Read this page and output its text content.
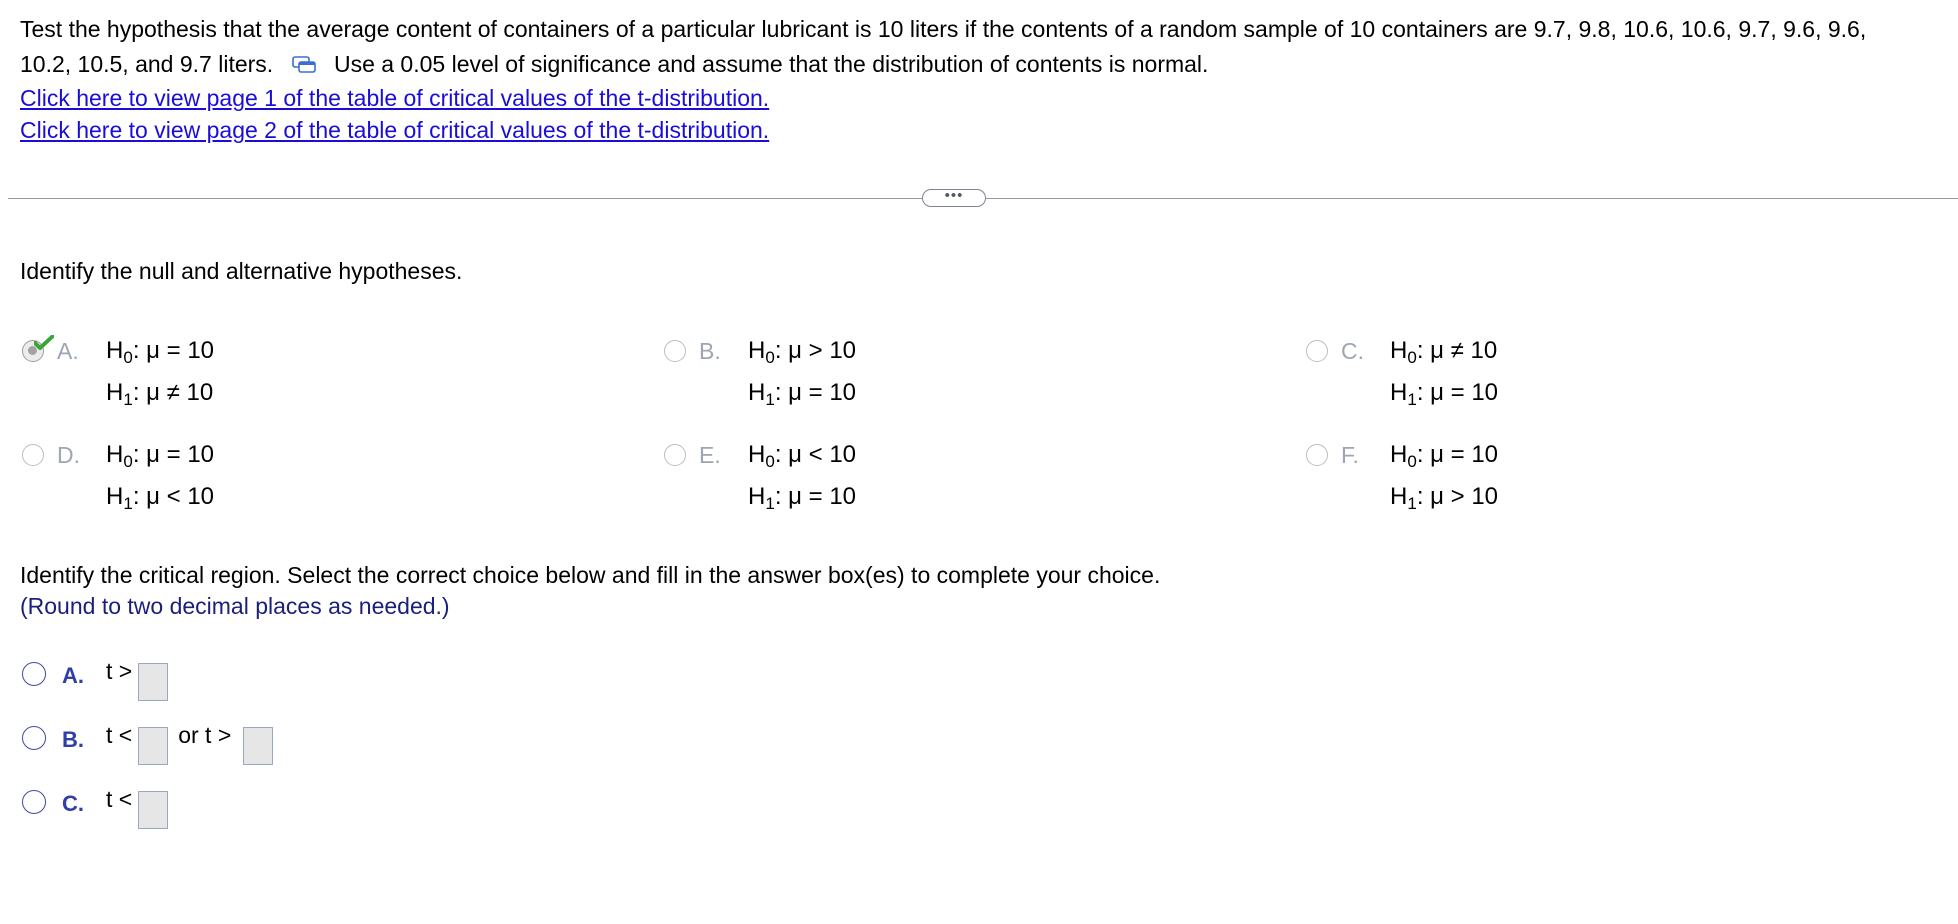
Test the hypothesis that the average content of containers of a particular lubricant is 10 liters if the contents of a random sample of 10 containers are 9.7, 9.8, 10.6, 10.6, 9.7, 9.6, 9.6, 10.2, 10.5, and 9.7 liters.	Use a 0.05 level of significance and assume that the distribution of contents is normal.
Click here to view page 1 of the table of critical values of the t-distribution.
Click here to view page 2 of the table of critical values of the t-distribution.
•••
Identify the null and alternative hypotheses.
A. $H_0$: μ = 10
$H_1$: μ ≠ 10
B. $H_0$: μ > 10
$H_1$: μ = 10
C. $H_0$: μ ≠ 10
$H_1$: μ = 10
D. $H_0$: μ = 10
$H_1$: μ < 10
E. $H_0$: μ < 10
$H_1$: μ = 10
F. $H_0$: μ = 10
$H_1$: μ > 10
Identify the critical region. Select the correct choice below and fill in the answer box(es) to complete your choice.
(Round to two decimal places as needed.)
A. t >
B. t < or t >
C. t <
